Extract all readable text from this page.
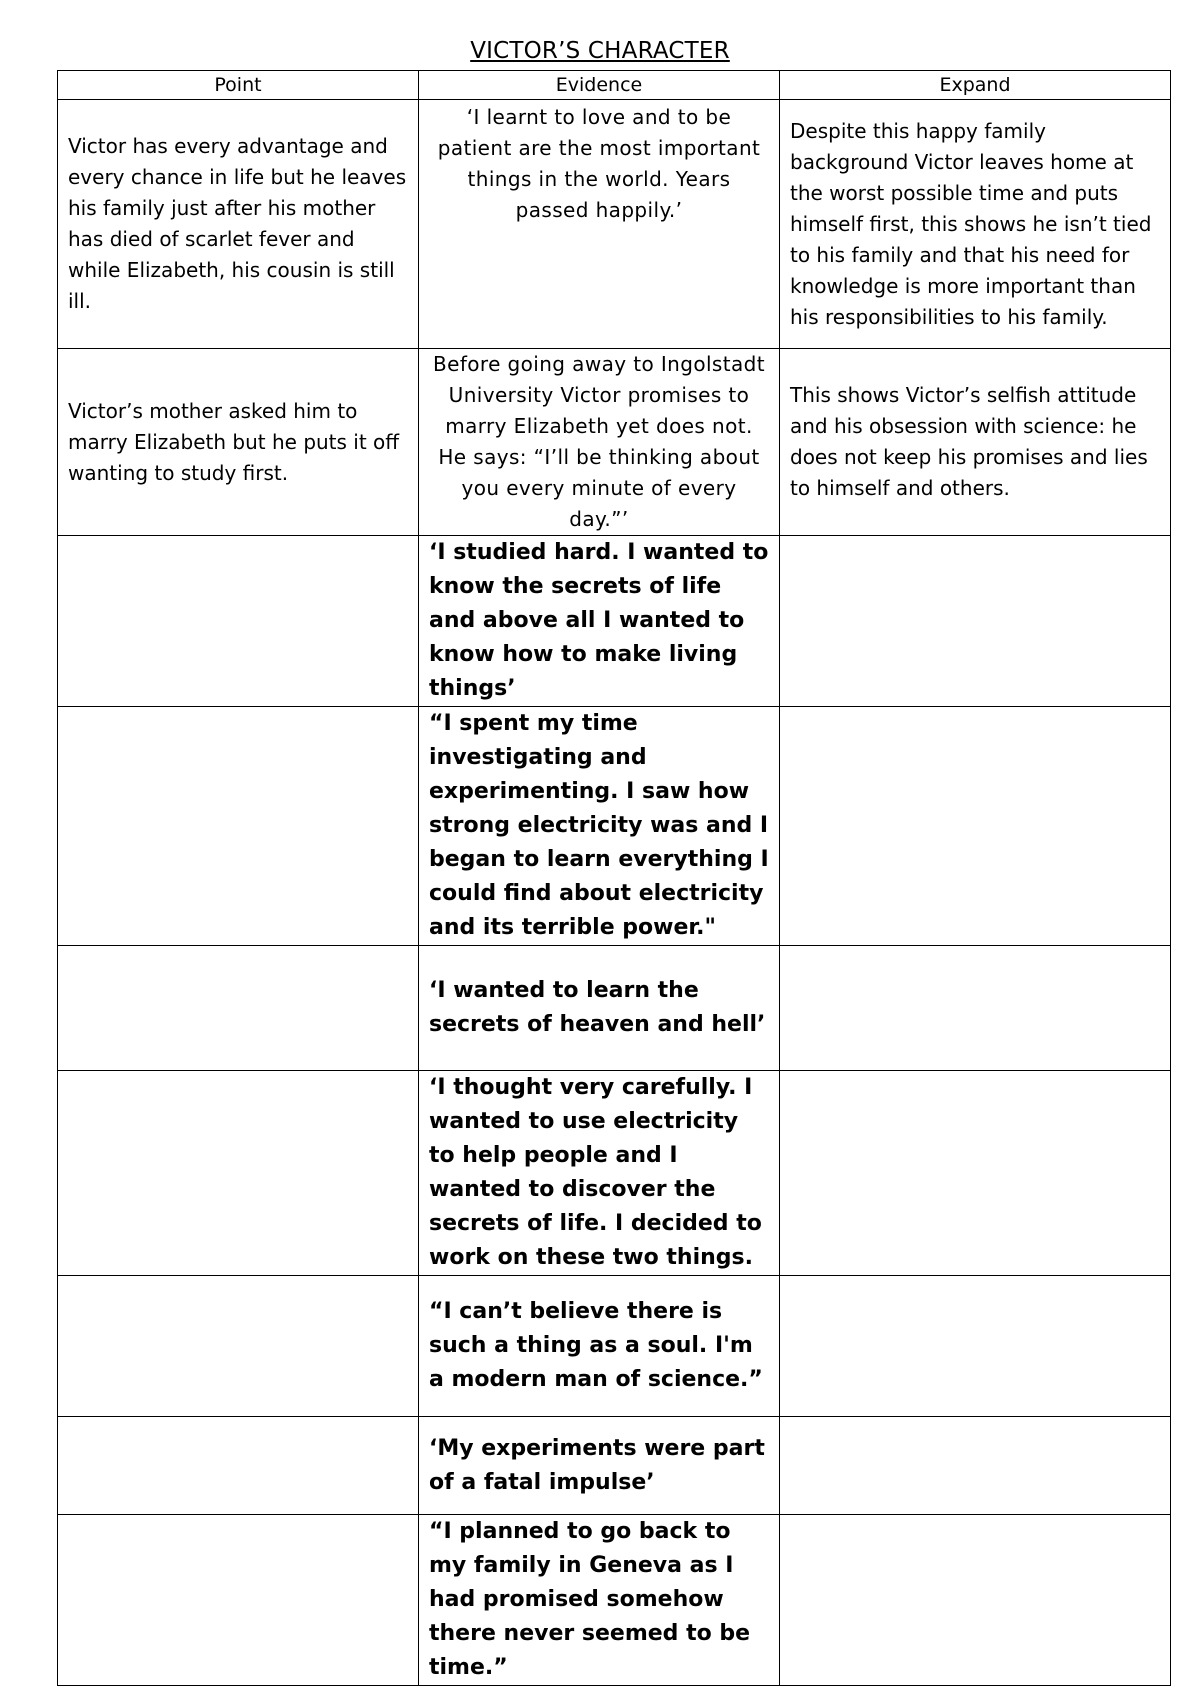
VICTOR’S CHARACTER
Point	Evidence	Expand
Victor has every advantage and every chance in life but he leaves his family just after his mother has died of scarlet fever and while Elizabeth, his cousin is still ill.	‘I learnt to love and to be patient are the most important things in the world. Years passed happily.’	Despite this happy family background Victor leaves home at the worst possible time and puts himself first, this shows he isn’t tied to his family and that his need for knowledge is more important than his responsibilities to his family.
Victor’s mother asked him to marry Elizabeth but he puts it off wanting to study first.	Before going away to Ingolstadt University Victor promises to marry Elizabeth yet does not. He says: “I’ll be thinking about you every minute of every day.”’	This shows Victor’s selfish attitude and his obsession with science: he does not keep his promises and lies to himself and others.
	‘I studied hard. I wanted to know the secrets of life and above all I wanted to know how to make living things’	
	“I spent my time investigating and experimenting. I saw how strong electricity was and I began to learn everything I could find about electricity and its terrible power."	
	‘I wanted to learn the secrets of heaven and hell’	
	‘I thought very carefully. I wanted to use electricity to help people and I wanted to discover the secrets of life. I decided to work on these two things.	
	“I can’t believe there is such a thing as a soul. I'm a modern man of science.”	
	‘My experiments were part of a fatal impulse’	
	“I planned to go back to my family in Geneva as I had promised somehow there never seemed to be time.”	
